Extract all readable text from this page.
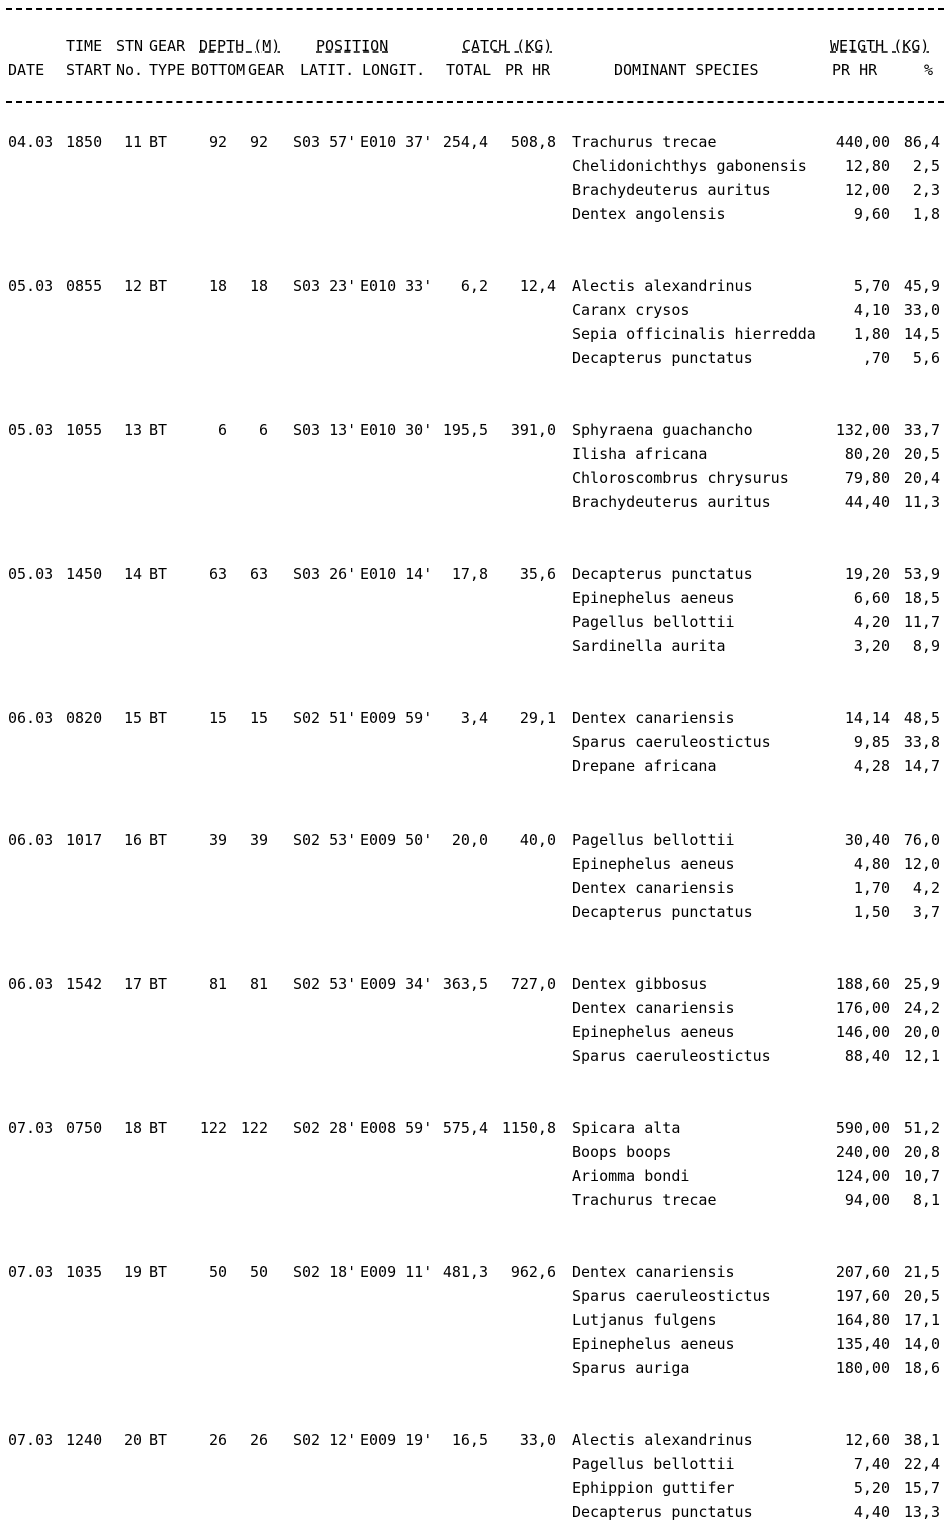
TIME STN GEAR DEPTH (M) POSITION	CATCH (KG)	WEIGTH (KG)
DATE START No. TYPE BOTTOM GEAR LATIT. LONGIT. TOTAL PR HR	DOMINANT SPECIES	PR HR	%
04.03 1850	11 BT	92	92 S03 57' E010 37' 254,4	508,8 Trachurus trecae	440,00 86,4
Chelidonichthys gabonensis	12,80	2,5
Brachydeuterus auritus	12,00	2,3
Dentex angolensis	9,60	1,8
05.03 0855	12 BT	18	18 S03 23' E010 33'	6,2	12,4 Alectis alexandrinus	5,70 45,9
Caranx crysos	4,10 33,0
Sepia officinalis hierredda	1,80 14,5
Decapterus punctatus	,70	5,6
05.03 1055	13 BT	6	6 S03 13' E010 30' 195,5	391,0 Sphyraena guachancho	132,00 33,7
Ilisha africana	80,20 20,5
Chloroscombrus chrysurus	79,80 20,4
Brachydeuterus auritus	44,40 11,3
05.03 1450	14 BT	63	63 S03 26' E010 14'	17,8	35,6 Decapterus punctatus	19,20 53,9
Epinephelus aeneus	6,60 18,5
Pagellus bellottii	4,20 11,7
Sardinella aurita	3,20	8,9
06.03 0820	15 BT	15	15 S02 51' E009 59'	3,4	29,1 Dentex canariensis	14,14 48,5
Sparus caeruleostictus	9,85 33,8
Drepane africana	4,28 14,7
06.03 1017	16 BT	39	39 S02 53' E009 50'	20,0	40,0 Pagellus bellottii	30,40 76,0
Epinephelus aeneus	4,80 12,0
Dentex canariensis	1,70	4,2
Decapterus punctatus	1,50	3,7
06.03 1542	17 BT	81	81 S02 53' E009 34' 363,5	727,0 Dentex gibbosus	188,60 25,9
Dentex canariensis	176,00 24,2
Epinephelus aeneus	146,00 20,0
Sparus caeruleostictus	88,40 12,1
07.03 0750	18 BT	122 122 S02 28' E008 59' 575,4 1150,8 Spicara alta	590,00 51,2
Boops boops	240,00 20,8
Ariomma bondi	124,00 10,7
Trachurus trecae	94,00	8,1
07.03 1035	19 BT	50	50 S02 18' E009 11' 481,3	962,6 Dentex canariensis	207,60 21,5
Sparus caeruleostictus	197,60 20,5
Lutjanus fulgens	164,80 17,1
Epinephelus aeneus	135,40 14,0
Sparus auriga	180,00 18,6
07.03 1240	20 BT	26	26 S02 12' E009 19'	16,5	33,0 Alectis alexandrinus	12,60 38,1
Pagellus bellottii	7,40 22,4
Ephippion guttifer	5,20 15,7
Decapterus punctatus	4,40 13,3
